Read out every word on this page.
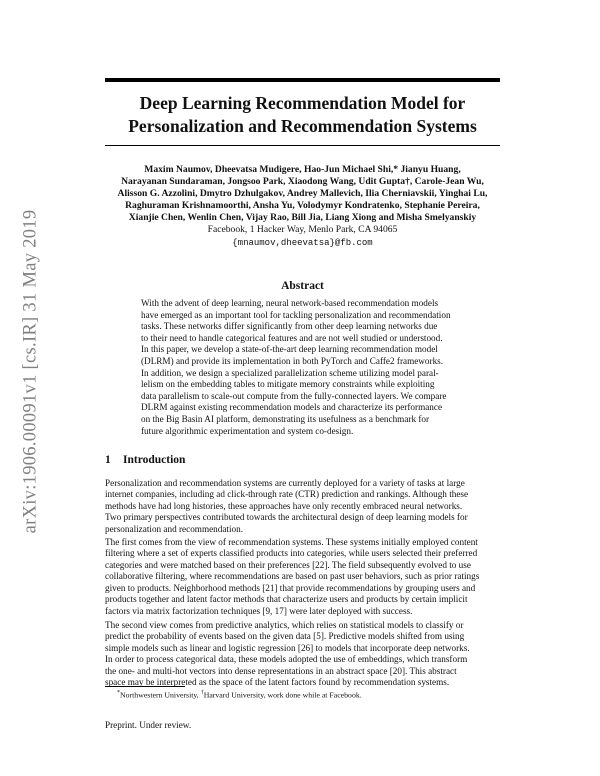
arXiv:1906.00091v1 [cs.IR] 31 May 2019
Deep Learning Recommendation Model for
Personalization and Recommendation Systems
Maxim Naumov, Dheevatsa Mudigere, Hao-Jun Michael Shi,* Jianyu Huang,
Narayanan Sundaraman, Jongsoo Park, Xiaodong Wang, Udit Gupta†, Carole-Jean Wu,
Alisson G. Azzolini, Dmytro Dzhulgakov, Andrey Mallevich, Ilia Cherniavskii, Yinghai Lu,
Raghuraman Krishnamoorthi, Ansha Yu, Volodymyr Kondratenko, Stephanie Pereira,
Xianjie Chen, Wenlin Chen, Vijay Rao, Bill Jia, Liang Xiong and Misha Smelyanskiy
Facebook, 1 Hacker Way, Menlo Park, CA 94065
{mnaumov,dheevatsa}@fb.com
Abstract
With the advent of deep learning, neural network-based recommendation models
have emerged as an important tool for tackling personalization and recommendation
tasks. These networks differ significantly from other deep learning networks due
to their need to handle categorical features and are not well studied or understood.
In this paper, we develop a state-of-the-art deep learning recommendation model
(DLRM) and provide its implementation in both PyTorch and Caffe2 frameworks.
In addition, we design a specialized parallelization scheme utilizing model paral-
lelism on the embedding tables to mitigate memory constraints while exploiting
data parallelism to scale-out compute from the fully-connected layers. We compare
DLRM against existing recommendation models and characterize its performance
on the Big Basin AI platform, demonstrating its usefulness as a benchmark for
future algorithmic experimentation and system co-design.
1 Introduction
Personalization and recommendation systems are currently deployed for a variety of tasks at large
internet companies, including ad click-through rate (CTR) prediction and rankings. Although these
methods have had long histories, these approaches have only recently embraced neural networks.
Two primary perspectives contributed towards the architectural design of deep learning models for
personalization and recommendation.
The first comes from the view of recommendation systems. These systems initially employed content
filtering where a set of experts classified products into categories, while users selected their preferred
categories and were matched based on their preferences [22]. The field subsequently evolved to use
collaborative filtering, where recommendations are based on past user behaviors, such as prior ratings
given to products. Neighborhood methods [21] that provide recommendations by grouping users and
products together and latent factor methods that characterize users and products by certain implicit
factors via matrix factorization techniques [9, 17] were later deployed with success.
The second view comes from predictive analytics, which relies on statistical models to classify or
predict the probability of events based on the given data [5]. Predictive models shifted from using
simple models such as linear and logistic regression [26] to models that incorporate deep networks.
In order to process categorical data, these models adopted the use of embeddings, which transform
the one- and multi-hot vectors into dense representations in an abstract space [20]. This abstract
space may be interpreted as the space of the latent factors found by recommendation systems.
*Northwestern University, †Harvard University, work done while at Facebook.
Preprint. Under review.
